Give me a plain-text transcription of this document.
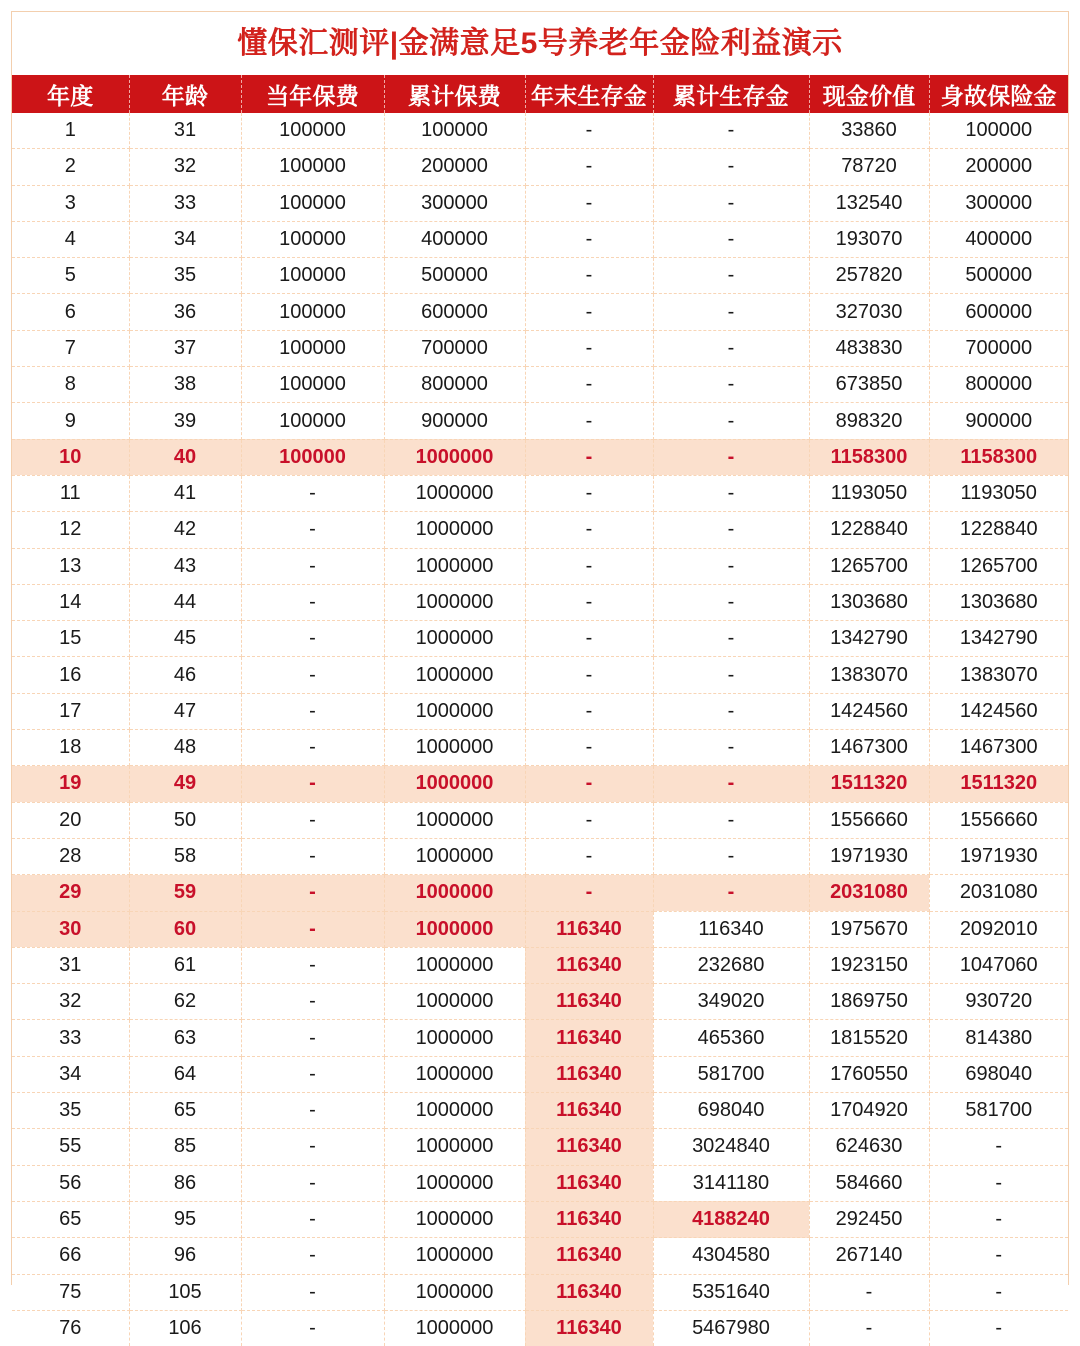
懂保汇测评|金满意足5号养老年金险利益演示
年度	年龄	当年保费	累计保费	年末生存金	累计生存金	现金价值	身故保险金
1	31	100000	100000	-	-	33860	100000
2	32	100000	200000	-	-	78720	200000
3	33	100000	300000	-	-	132540	300000
4	34	100000	400000	-	-	193070	400000
5	35	100000	500000	-	-	257820	500000
6	36	100000	600000	-	-	327030	600000
7	37	100000	700000	-	-	483830	700000
8	38	100000	800000	-	-	673850	800000
9	39	100000	900000	-	-	898320	900000
10	40	100000	1000000	-	-	1158300	1158300
11	41	-	1000000	-	-	1193050	1193050
12	42	-	1000000	-	-	1228840	1228840
13	43	-	1000000	-	-	1265700	1265700
14	44	-	1000000	-	-	1303680	1303680
15	45	-	1000000	-	-	1342790	1342790
16	46	-	1000000	-	-	1383070	1383070
17	47	-	1000000	-	-	1424560	1424560
18	48	-	1000000	-	-	1467300	1467300
19	49	-	1000000	-	-	1511320	1511320
20	50	-	1000000	-	-	1556660	1556660
28	58	-	1000000	-	-	1971930	1971930
29	59	-	1000000	-	-	2031080	2031080
30	60	-	1000000	116340	116340	1975670	2092010
31	61	-	1000000	116340	232680	1923150	1047060
32	62	-	1000000	116340	349020	1869750	930720
33	63	-	1000000	116340	465360	1815520	814380
34	64	-	1000000	116340	581700	1760550	698040
35	65	-	1000000	116340	698040	1704920	581700
55	85	-	1000000	116340	3024840	624630	-
56	86	-	1000000	116340	3141180	584660	-
65	95	-	1000000	116340	4188240	292450	-
66	96	-	1000000	116340	4304580	267140	-
75	105	-	1000000	116340	5351640	-	-
76	106	-	1000000	116340	5467980	-	-
